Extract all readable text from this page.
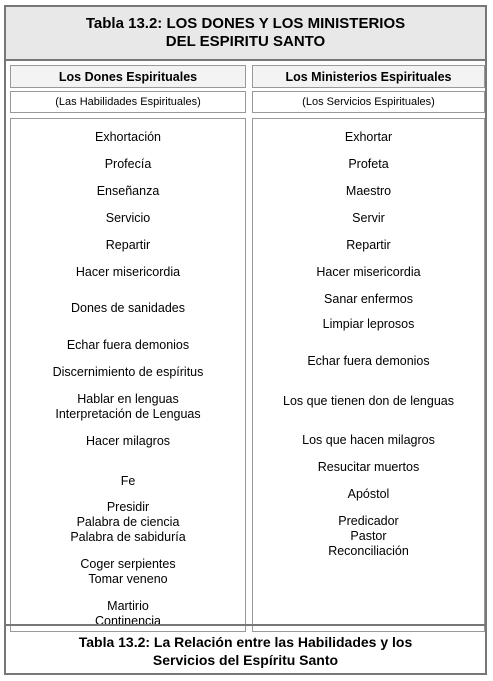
Tabla 13.2: LOS DONES Y LOS MINISTERIOS
DEL ESPIRITU SANTO
Los Dones Espirituales	Los Ministerios Espirituales
(Las Habilidades Espirituales)	(Los Servicios Espirituales)
Exhortación
Profecía
Enseñanza
Servicio
Repartir
Hacer misericordia
Dones de sanidades
Echar fuera demonios
Discernimiento de espíritus
Hablar en lenguas
Interpretación de Lenguas
Hacer milagros
Fe
Presidir
Palabra de ciencia
Palabra de sabiduría
Coger serpientes
Tomar veneno
Martirio
Continencia
Exhortar
Profeta
Maestro
Servir
Repartir
Hacer misericordia
Sanar enfermos
Limpiar leprosos
Echar fuera demonios
Los que tienen don de lenguas
Los que hacen milagros
Resucitar muertos
Apóstol
Predicador
Pastor
Reconciliación
Tabla 13.2: La Relación entre las Habilidades y los
Servicios del Espíritu Santo
